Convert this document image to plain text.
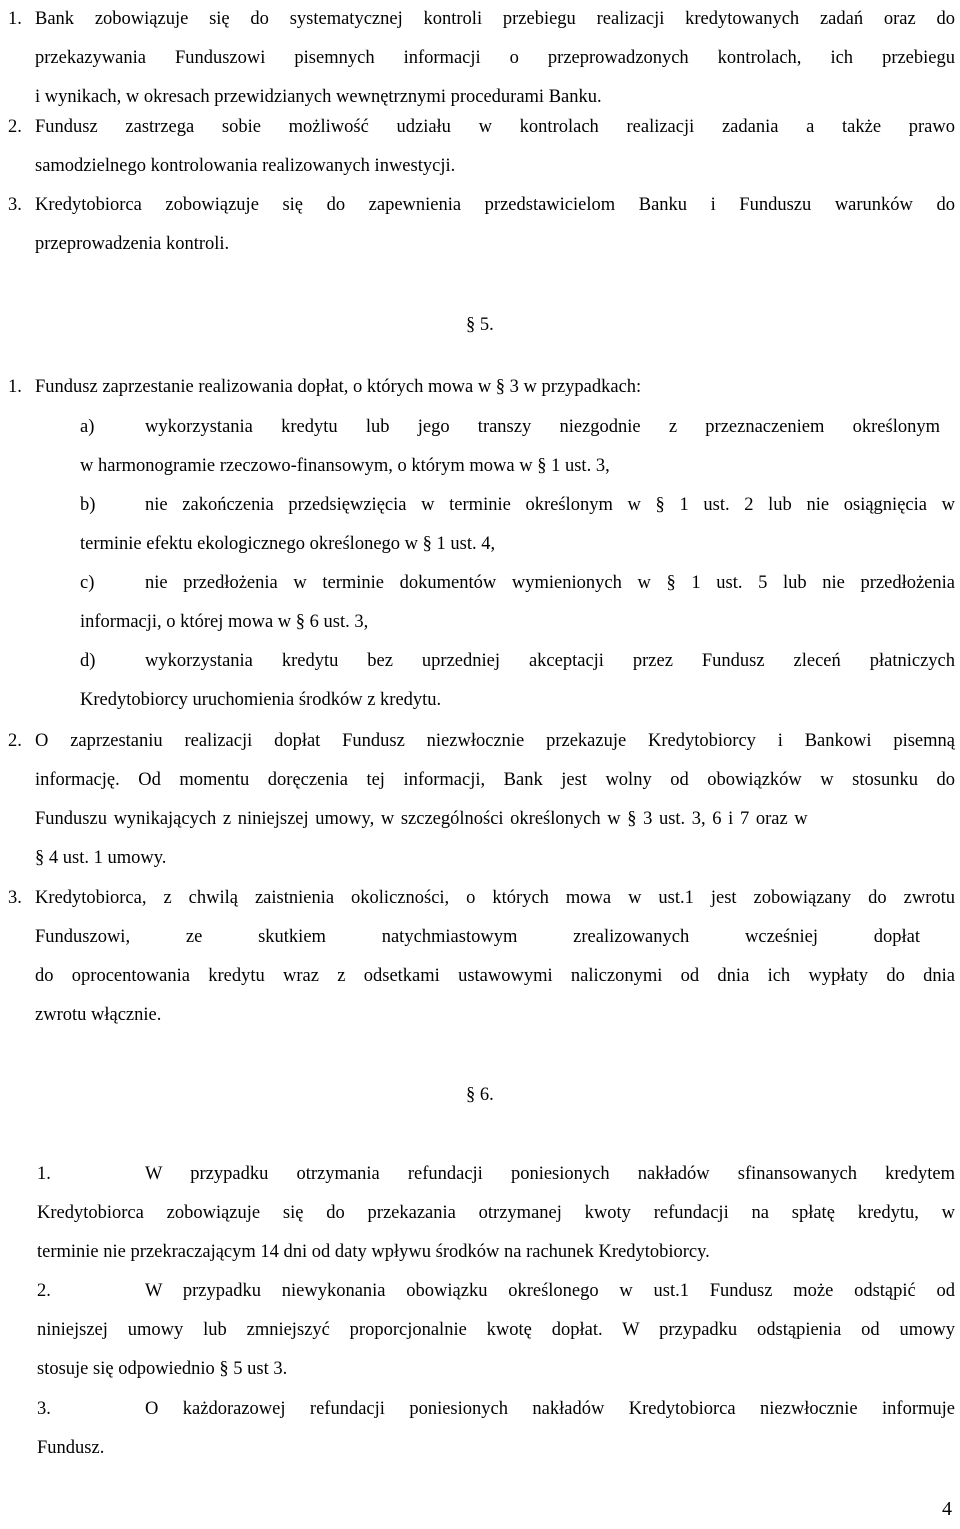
1. Bank zobowiązuje się do systematycznej kontroli przebiegu realizacji kredytowanych zadań oraz do
przekazywania Funduszowi pisemnych informacji o przeprowadzonych kontrolach, ich przebiegu
i wynikach, w okresach przewidzianych wewnętrznymi procedurami Banku.
2. Fundusz zastrzega sobie możliwość udziału w kontrolach realizacji zadania a także prawo
samodzielnego kontrolowania realizowanych inwestycji.
3. Kredytobiorca zobowiązuje się do zapewnienia przedstawicielom Banku i Funduszu warunków do
przeprowadzenia kontroli.
§ 5.
1. Fundusz zaprzestanie realizowania dopłat, o których mowa w § 3 w przypadkach:
a)	wykorzystania kredytu lub jego transzy niezgodnie z przeznaczeniem określonym
w harmonogramie rzeczowo-finansowym, o którym mowa w § 1 ust. 3,
b)	nie zakończenia przedsięwzięcia w terminie określonym w § 1 ust. 2 lub nie osiągnięcia w
terminie efektu ekologicznego określonego w § 1 ust. 4,
c)	nie przedłożenia w terminie dokumentów wymienionych w § 1 ust. 5 lub nie przedłożenia
informacji, o której mowa w § 6 ust. 3,
d)	wykorzystania kredytu bez uprzedniej akceptacji przez Fundusz zleceń płatniczych
Kredytobiorcy uruchomienia środków z kredytu.
2. O zaprzestaniu realizacji dopłat Fundusz niezwłocznie przekazuje Kredytobiorcy i Bankowi pisemną
informację. Od momentu doręczenia tej informacji, Bank jest wolny od obowiązków w stosunku do
Funduszu wynikających z niniejszej umowy, w szczególności określonych w § 3 ust. 3, 6 i 7 oraz w
§ 4 ust. 1 umowy.
3. Kredytobiorca, z chwilą zaistnienia okoliczności, o których mowa w ust.1 jest zobowiązany do zwrotu
Funduszowi, ze skutkiem natychmiastowym zrealizowanych wcześniej dopłat
do oprocentowania kredytu wraz z odsetkami ustawowymi naliczonymi od dnia ich wypłaty do dnia
zwrotu włącznie.
§ 6.
1.	W przypadku otrzymania refundacji poniesionych nakładów sfinansowanych kredytem
Kredytobiorca zobowiązuje się do przekazania otrzymanej kwoty refundacji na spłatę kredytu, w
terminie nie przekraczającym 14 dni od daty wpływu środków na rachunek Kredytobiorcy.
2.	W przypadku niewykonania obowiązku określonego w ust.1 Fundusz może odstąpić od
niniejszej umowy lub zmniejszyć proporcjonalnie kwotę dopłat. W przypadku odstąpienia od umowy
stosuje się odpowiednio § 5 ust 3.
3.	O każdorazowej refundacji poniesionych nakładów Kredytobiorca niezwłocznie informuje
Fundusz.
4
